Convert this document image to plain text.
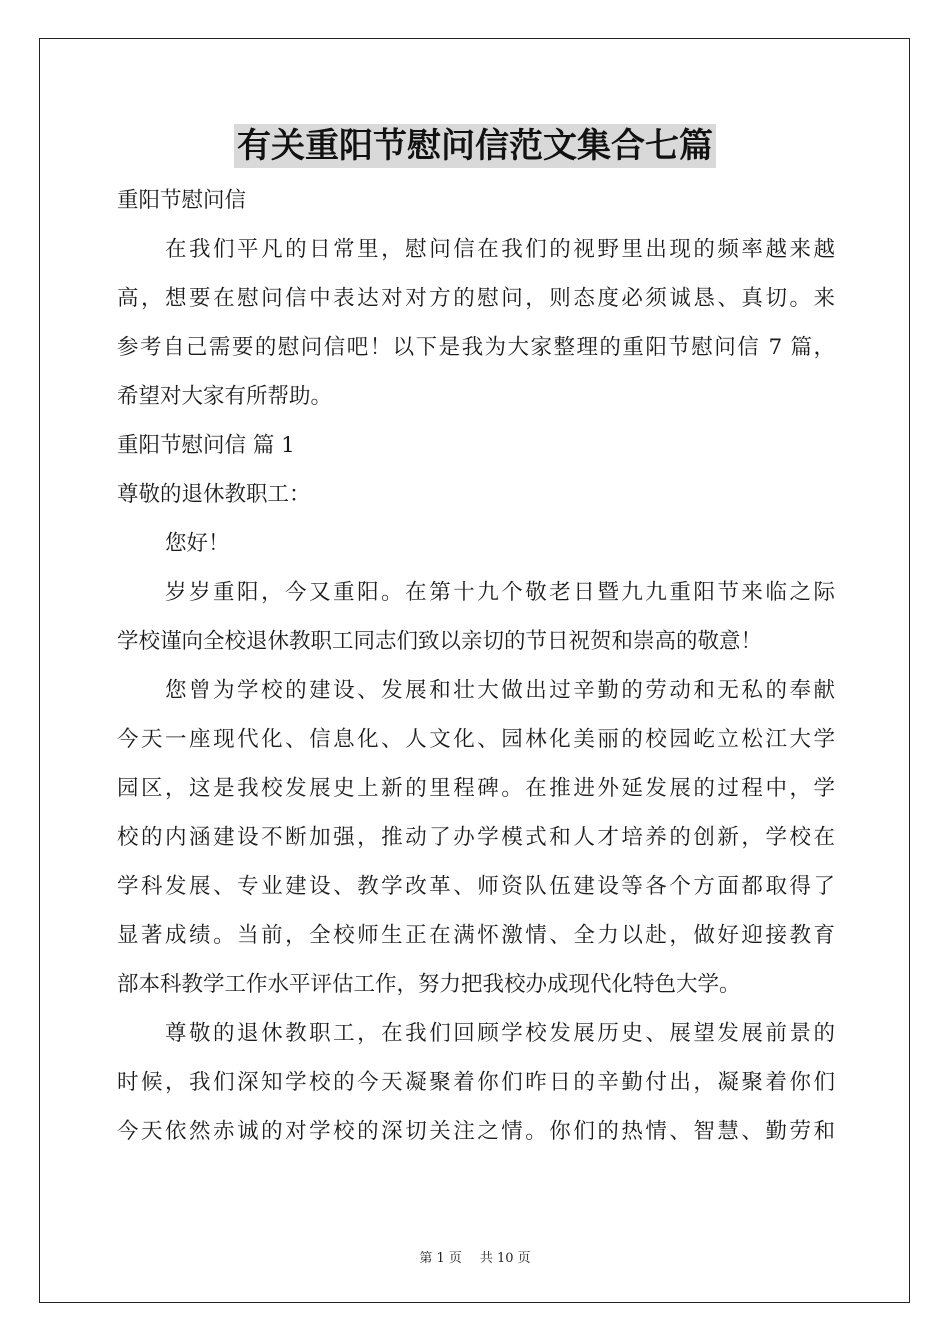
有关重阳节慰问信范文集合七篇
重阳节慰问信
在我们平凡的日常里，慰问信在我们的视野里出现的频率越来越
高，想要在慰问信中表达对对方的慰问，则态度必须诚恳、真切。来
参考自己需要的慰问信吧！以下是我为大家整理的重阳节慰问信 7 篇，
希望对大家有所帮助。
重阳节慰问信 篇 1
尊敬的退休教职工：
您好！
岁岁重阳，今又重阳。在第十九个敬老日暨九九重阳节来临之际
学校谨向全校退休教职工同志们致以亲切的节日祝贺和崇高的敬意！
您曾为学校的建设、发展和壮大做出过辛勤的劳动和无私的奉献
今天一座现代化、信息化、人文化、园林化美丽的校园屹立松江大学
园区，这是我校发展史上新的里程碑。在推进外延发展的过程中，学
校的内涵建设不断加强，推动了办学模式和人才培养的创新，学校在
学科发展、专业建设、教学改革、师资队伍建设等各个方面都取得了
显著成绩。当前，全校师生正在满怀激情、全力以赴，做好迎接教育
部本科教学工作水平评估工作，努力把我校办成现代化特色大学。
尊敬的退休教职工，在我们回顾学校发展历史、展望发展前景的
时候，我们深知学校的今天凝聚着你们昨日的辛勤付出，凝聚着你们
今天依然赤诚的对学校的深切关注之情。你们的热情、智慧、勤劳和
第 1 页 共 10 页
